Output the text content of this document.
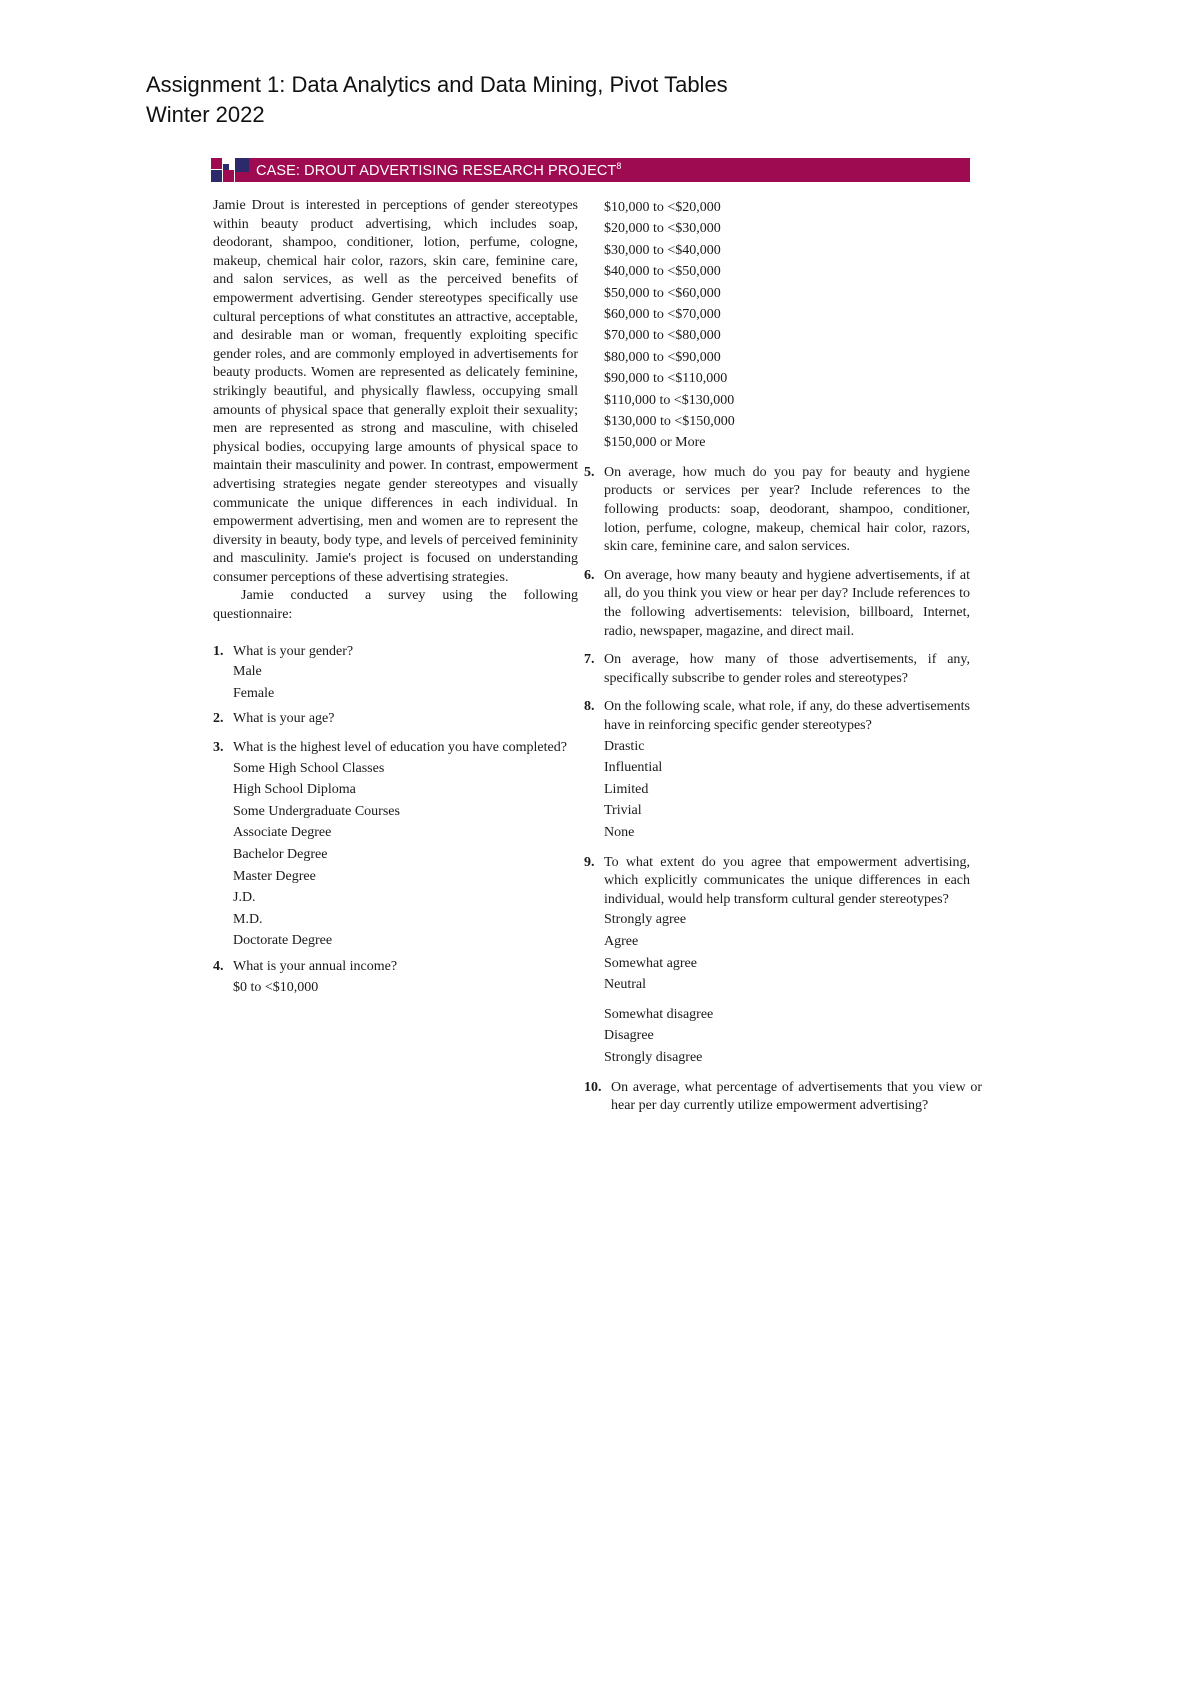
Assignment 1: Data Analytics and Data Mining, Pivot Tables
Winter 2022
CASE: DROUT ADVERTISING RESEARCH PROJECT$^8$

Jamie Drout is interested in perceptions of gender stereotypes within beauty product advertising, which includes soap, deodorant, shampoo, conditioner, lotion, perfume, cologne, makeup, chemical hair color, razors, skin care, feminine care, and salon services, as well as the perceived benefits of empowerment advertising. Gender stereotypes specifically use cultural perceptions of what constitutes an attractive, acceptable, and desirable man or woman, frequently exploiting specific gender roles, and are commonly employed in advertisements for beauty products. Women are represented as delicately feminine, strikingly beautiful, and physically flawless, occupying small amounts of physical space that generally exploit their sexuality; men are represented as strong and masculine, with chiseled physical bodies, occupying large amounts of physical space to maintain their masculinity and power. In contrast, empowerment advertising strategies negate gender stereotypes and visually communicate the unique differences in each individual. In empowerment advertising, men and women are to represent the diversity in beauty, body type, and levels of perceived femininity and masculinity. Jamie's project is focused on understanding consumer perceptions of these advertising strategies.

Jamie conducted a survey using the following questionnaire:

1. What is your gender?
Male
Female
2. What is your age?
3. What is the highest level of education you have completed?
Some High School Classes
High School Diploma
Some Undergraduate Courses
Associate Degree
Bachelor Degree
Master Degree
J.D.
M.D.
Doctorate Degree
4. What is your annual income?
$0 to <$10,000
$10,000 to <$20,000
$20,000 to <$30,000
$30,000 to <$40,000
$40,000 to <$50,000
$50,000 to <$60,000
$60,000 to <$70,000
$70,000 to <$80,000
$80,000 to <$90,000
$90,000 to <$110,000
$110,000 to <$130,000
$130,000 to <$150,000
$150,000 or More
5. On average, how much do you pay for beauty and hygiene products or services per year? Include references to the following products: soap, deodorant, shampoo, conditioner, lotion, perfume, cologne, makeup, chemical hair color, razors, skin care, feminine care, and salon services.
6. On average, how many beauty and hygiene advertisements, if at all, do you think you view or hear per day? Include references to the following advertisements: television, billboard, Internet, radio, newspaper, magazine, and direct mail.
7. On average, how many of those advertisements, if any, specifically subscribe to gender roles and stereotypes?
8. On the following scale, what role, if any, do these advertisements have in reinforcing specific gender stereotypes?
Drastic
Influential
Limited
Trivial
None
9. To what extent do you agree that empowerment advertising, which explicitly communicates the unique differences in each individual, would help transform cultural gender stereotypes?
Strongly agree
Agree
Somewhat agree
Neutral
Somewhat disagree
Disagree
Strongly disagree
10. On average, what percentage of advertisements that you view or hear per day currently utilize empowerment advertising?
